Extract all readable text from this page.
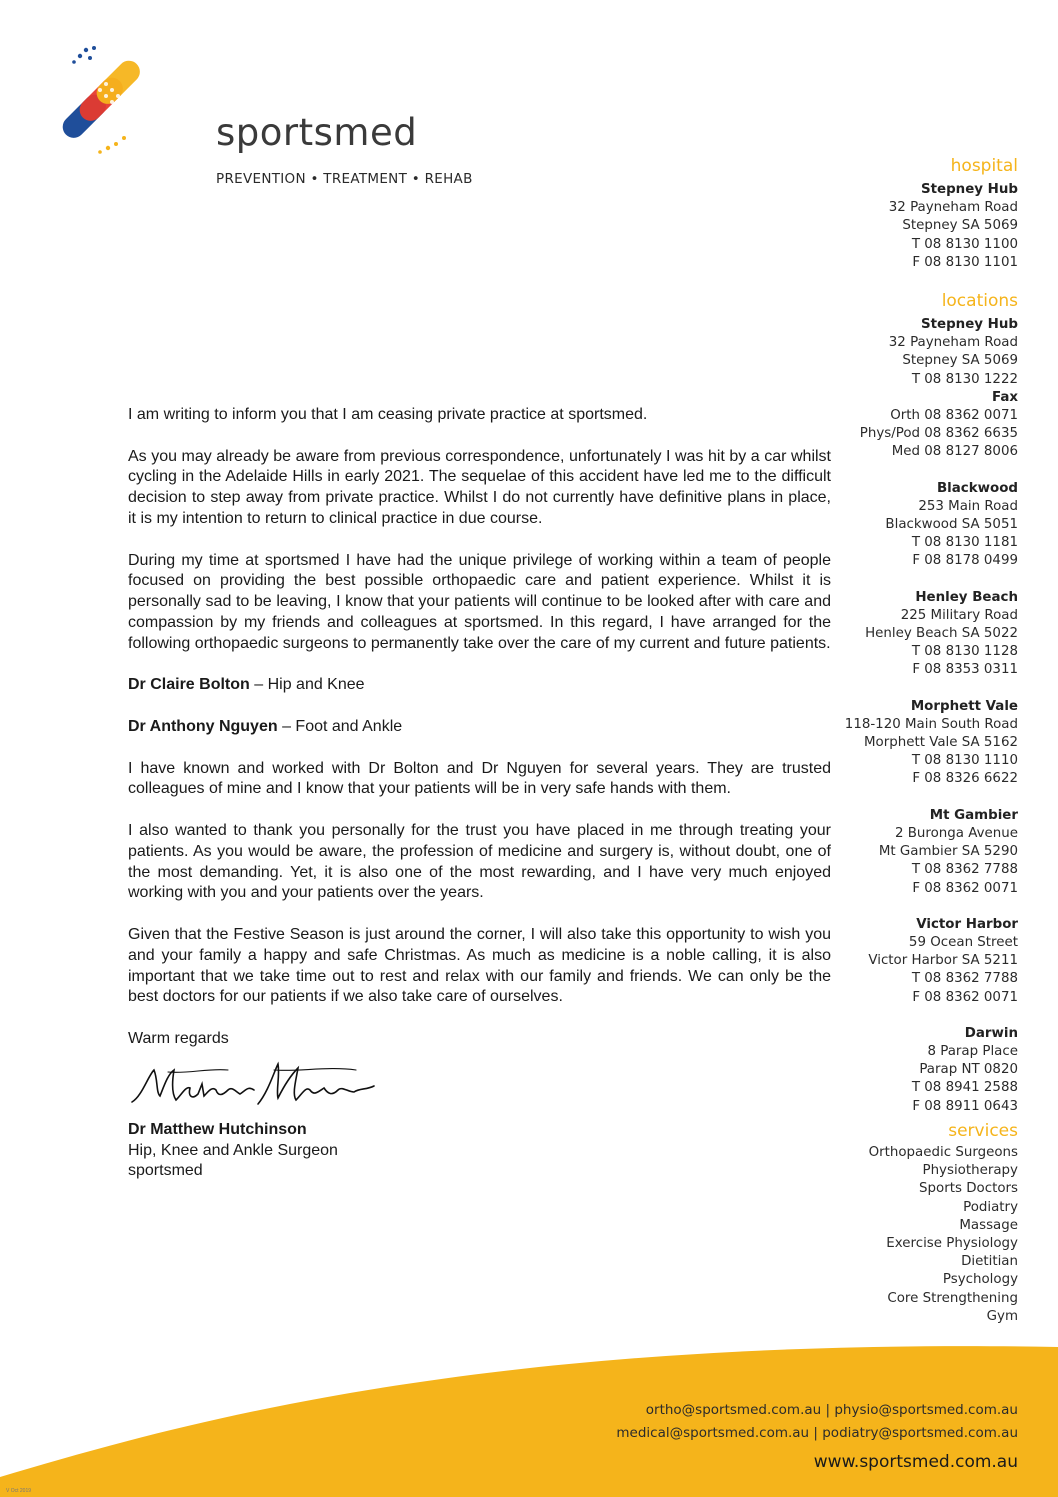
sportsmed
PREVENTION • TREATMENT • REHAB
hospital
Stepney Hub
32 Payneham Road
Stepney SA 5069
T 08 8130 1100
F 08 8130 1101
locations
Stepney Hub
32 Payneham Road
Stepney SA 5069
T 08 8130 1222
Fax
Orth 08 8362 0071
Phys/Pod 08 8362 6635
Med 08 8127 8006
Blackwood
253 Main Road
Blackwood SA 5051
T 08 8130 1181
F 08 8178 0499
Henley Beach
225 Military Road
Henley Beach SA 5022
T 08 8130 1128
F 08 8353 0311
Morphett Vale
118-120 Main South Road
Morphett Vale SA 5162
T 08 8130 1110
F 08 8326 6622
Mt Gambier
2 Buronga Avenue
Mt Gambier SA 5290
T 08 8362 7788
F 08 8362 0071
Victor Harbor
59 Ocean Street
Victor Harbor SA 5211
T 08 8362 7788
F 08 8362 0071
Darwin
8 Parap Place
Parap NT 0820
T 08 8941 2588
F 08 8911 0643
services
Orthopaedic Surgeons
Physiotherapy
Sports Doctors
Podiatry
Massage
Exercise Physiology
Dietitian
Psychology
Core Strengthening
Gym

I am writing to inform you that I am ceasing private practice at sportsmed.

As you may already be aware from previous correspondence, unfortunately I was hit by a car whilst cycling in the Adelaide Hills in early 2021. The sequelae of this accident have led me to the difficult decision to step away from private practice. Whilst I do not currently have definitive plans in place, it is my intention to return to clinical practice in due course.

During my time at sportsmed I have had the unique privilege of working within a team of people focused on providing the best possible orthopaedic care and patient experience. Whilst it is personally sad to be leaving, I know that your patients will continue to be looked after with care and compassion by my friends and colleagues at sportsmed. In this regard, I have arranged for the following orthopaedic surgeons to permanently take over the care of my current and future patients.

Dr Claire Bolton – Hip and Knee

Dr Anthony Nguyen – Foot and Ankle

I have known and worked with Dr Bolton and Dr Nguyen for several years. They are trusted colleagues of mine and I know that your patients will be in very safe hands with them.

I also wanted to thank you personally for the trust you have placed in me through treating your patients. As you would be aware, the profession of medicine and surgery is, without doubt, one of the most demanding. Yet, it is also one of the most rewarding, and I have very much enjoyed working with you and your patients over the years.

Given that the Festive Season is just around the corner, I will also take this opportunity to wish you and your family a happy and safe Christmas. As much as medicine is a noble calling, it is also important that we take time out to rest and relax with our family and friends. We can only be the best doctors for our patients if we also take care of ourselves.

Warm regards

Dr Matthew Hutchinson
Hip, Knee and Ankle Surgeon
sportsmed
ortho@sportsmed.com.au | physio@sportsmed.com.au
medical@sportsmed.com.au | podiatry@sportsmed.com.au
www.sportsmed.com.au
V Oct 2019
